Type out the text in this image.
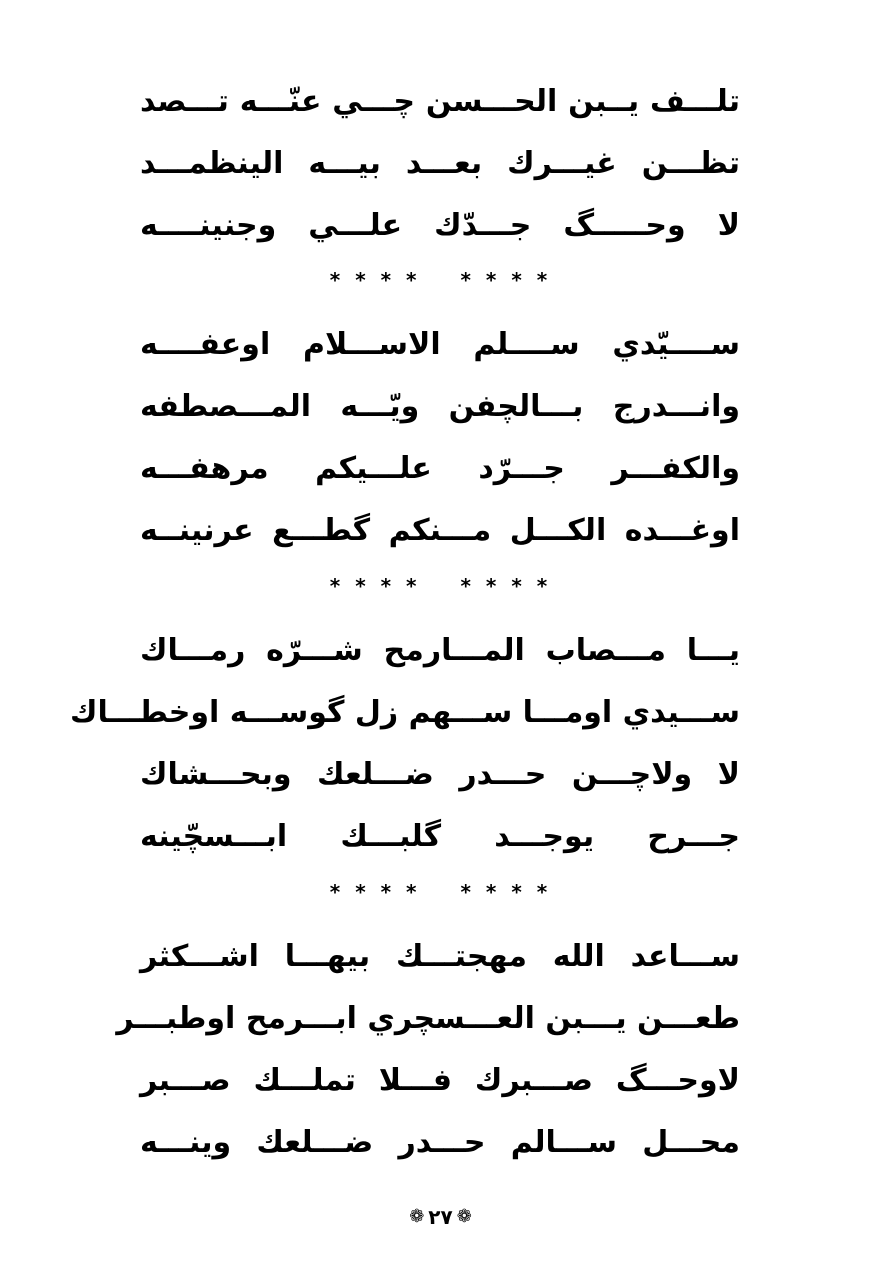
تلـــف يــبن الحـــسن چـــي عنّـــه تـــصد
تظـــن غيـــرك بعـــد بيـــه الينظمـــد
لا وحـــــگ جـــدّك علـــي وجنينــــه
* * * * * * * *
ســــيّدي ســــلم الاســـلام اوعفــــه
وانـــدرج بـــالچفن ويّـــه المـــصطفه
والكفـــر جـــرّد علـــيكم مرهفـــه
اوغـــده الكـــل مـــنكم گطـــع عرنينــه
* * * * * * * *
يـــا مـــصاب المـــارمح شـــرّه رمـــاك
ســـيدي اومـــا ســـهم زل گوســـه اوخطـــاك
لا ولاچـــن حـــدر ضـــلعك وبحـــشاك
جـــرح يوجـــد گلبـــك ابـــسچّينه
* * * * * * * *
ســـاعد الله مهجتـــك بيهـــا اشـــكثر
طعـــن يـــبن العـــسچري ابـــرمح اوطبـــر
لاوحـــگ صـــبرك فـــلا تملـــك صـــبر
محـــل ســـالم حـــدر ضـــلعك وينـــه
❁ ٢٧ ❁
